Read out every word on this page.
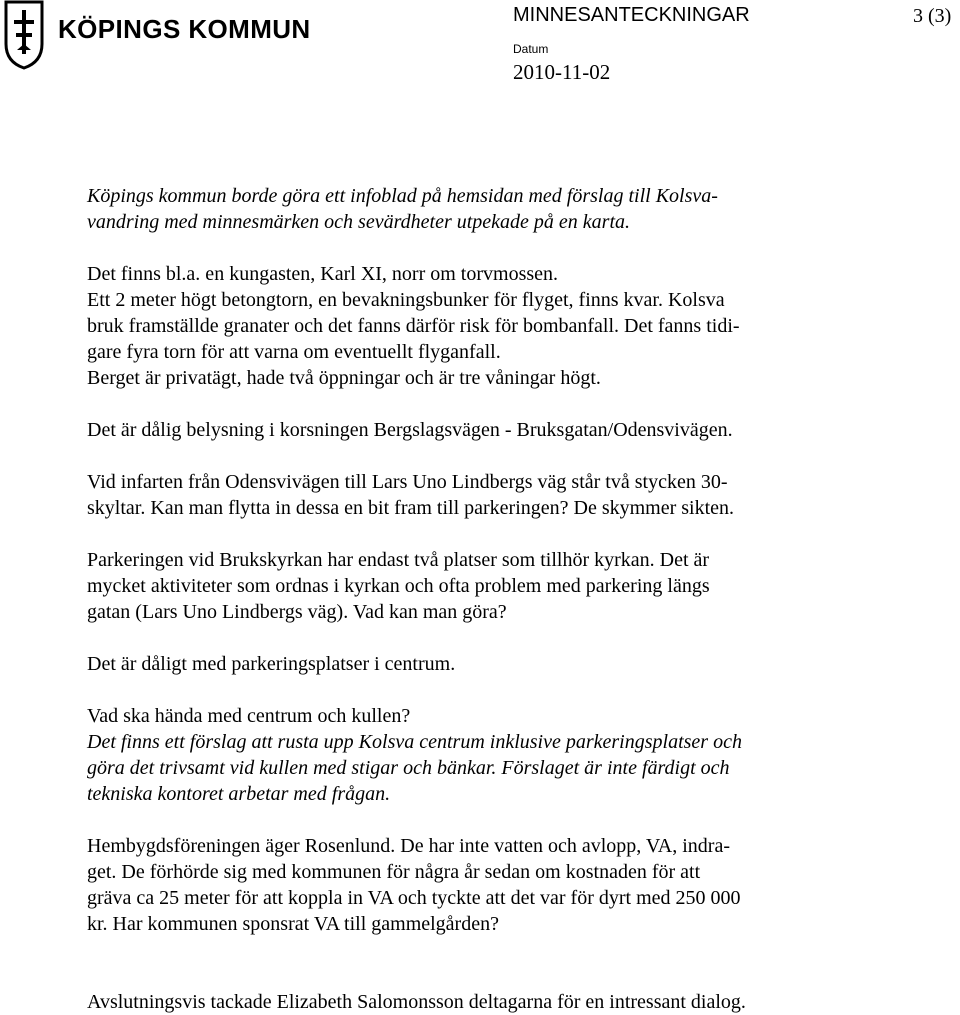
KÖPINGS KOMMUN	MINNESANTECKNINGAR	3 (3)
Datum
2010-11-02

Köpings kommun borde göra ett infoblad på hemsidan med förslag till Kolsva-
vandring med minnesmärken och sevärdheter utpekade på en karta.

Det finns bl.a. en kungasten, Karl XI, norr om torvmossen.
Ett 2 meter högt betongtorn, en bevakningsbunker för flyget, finns kvar. Kolsva
bruk framställde granater och det fanns därför risk för bombanfall. Det fanns tidi-
gare fyra torn för att varna om eventuellt flyganfall.
Berget är privatägt, hade två öppningar och är tre våningar högt.

Det är dålig belysning i korsningen Bergslagsvägen - Bruksgatan/Odensvivägen.

Vid infarten från Odensvivägen till Lars Uno Lindbergs väg står två stycken 30-
skyltar. Kan man flytta in dessa en bit fram till parkeringen? De skymmer sikten.

Parkeringen vid Brukskyrkan har endast två platser som tillhör kyrkan. Det är
mycket aktiviteter som ordnas i kyrkan och ofta problem med parkering längs
gatan (Lars Uno Lindbergs väg). Vad kan man göra?

Det är dåligt med parkeringsplatser i centrum.

Vad ska hända med centrum och kullen?
Det finns ett förslag att rusta upp Kolsva centrum inklusive parkeringsplatser och
göra det trivsamt vid kullen med stigar och bänkar. Förslaget är inte färdigt och
tekniska kontoret arbetar med frågan.

Hembygdsföreningen äger Rosenlund. De har inte vatten och avlopp, VA, indra-
get. De förhörde sig med kommunen för några år sedan om kostnaden för att
gräva ca 25 meter för att koppla in VA och tyckte att det var för dyrt med 250 000
kr. Har kommunen sponsrat VA till gammelgården?

Avslutningsvis tackade Elizabeth Salomonsson deltagarna för en intressant dialog.
